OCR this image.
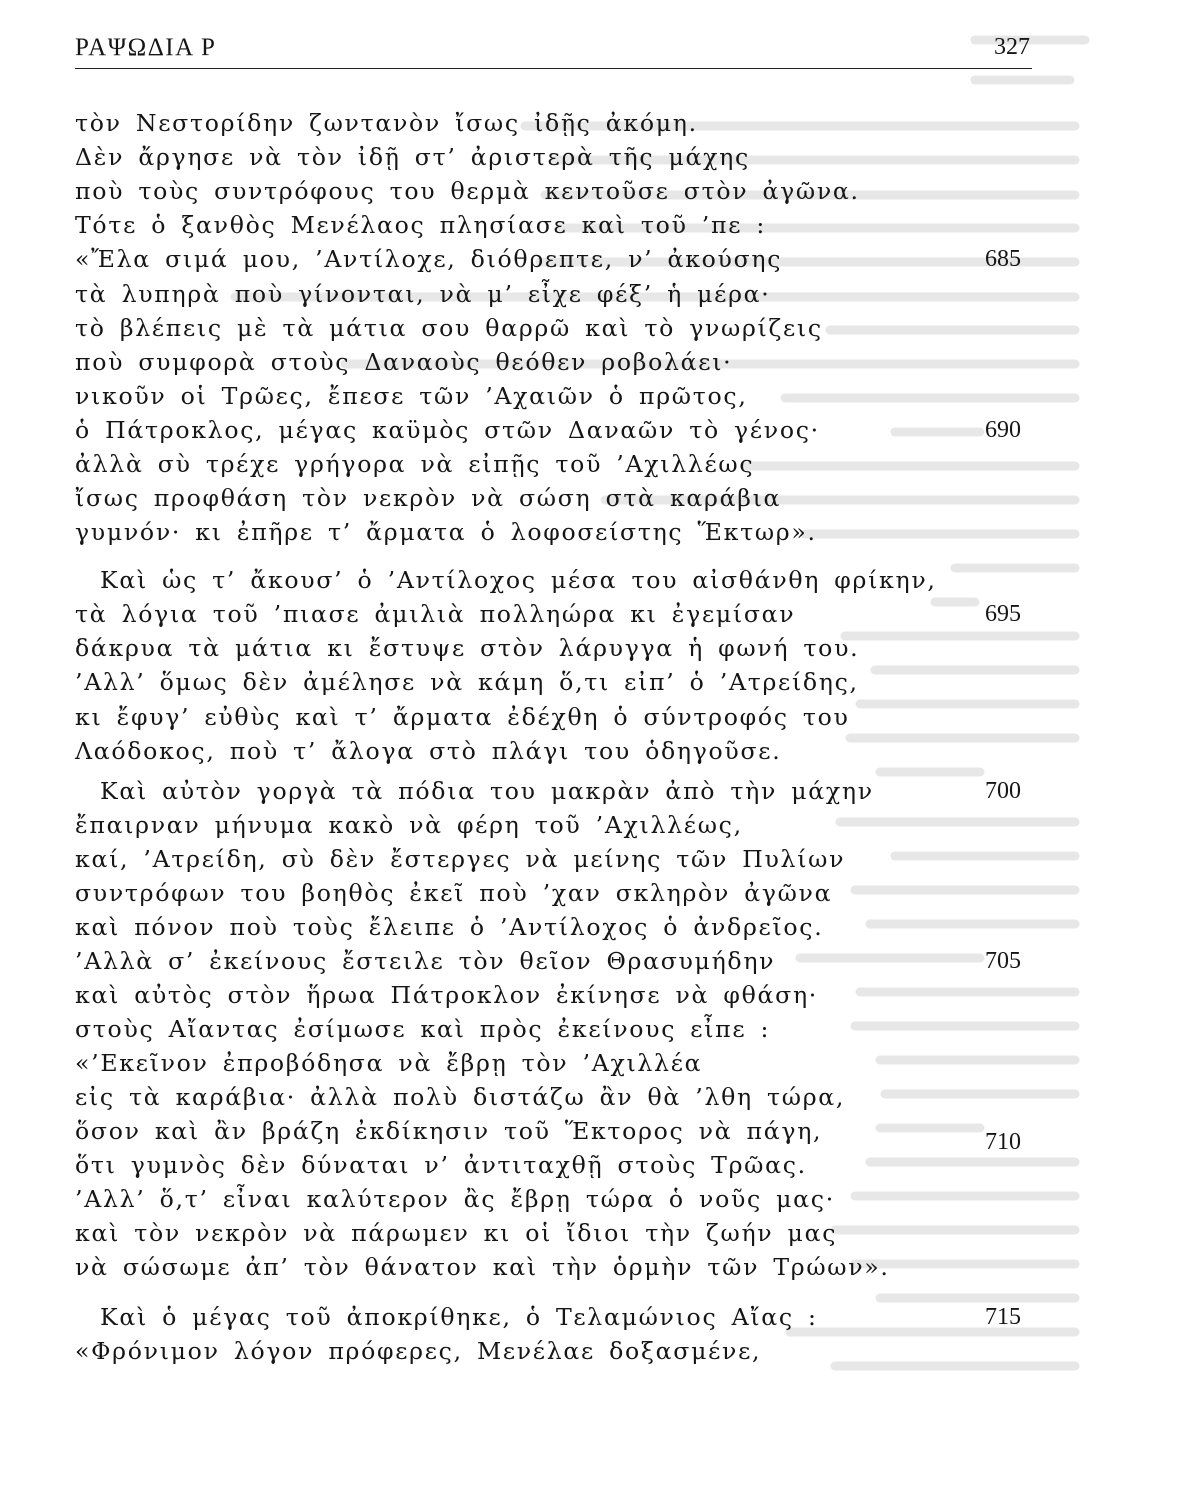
ΡΑΨΩΔΙΑ Ρ	327
τὸν Νεστορίδην ζωντανὸν ἴσως ἰδῇς ἀκόμη.
Δὲν ἄργησε νὰ τὸν ἰδῇ στ’ ἀριστερὰ τῆς μάχης
ποὺ τοὺς συντρόφους του θερμὰ κεντοῦσε στὸν ἀγῶνα.
Τότε ὁ ξανθὸς Μενέλαος πλησίασε καὶ τοῦ ’πε :
«Ἔλα σιμά μου, ’Αντίλοχε, διόθρεπτε, ν’ ἀκούσης
τὰ λυπηρὰ ποὺ γίνονται, νὰ μ’ εἶχε φέξ’ ἡ μέρα·
τὸ βλέπεις μὲ τὰ μάτια σου θαρρῶ καὶ τὸ γνωρίζεις
ποὺ συμφορὰ στοὺς Δαναοὺς θεόθεν ροβολάει·
νικοῦν οἱ Τρῶες, ἔπεσε τῶν ’Αχαιῶν ὁ πρῶτος,
ὁ Πάτροκλος, μέγας καϋμὸς στῶν Δαναῶν τὸ γένος·
ἀλλὰ σὺ τρέχε γρήγορα νὰ εἰπῇς τοῦ ’Αχιλλέως
ἴσως προφθάση τὸν νεκρὸν νὰ σώση στὰ καράβια
γυμνόν· κι ἐπῆρε τ’ ἄρματα ὁ λοφοσείστης Ἕκτωρ».
Καὶ ὡς τ’ ἄκουσ’ ὁ ’Αντίλοχος μέσα του αἰσθάνθη φρίκην,
τὰ λόγια τοῦ ’πιασε ἀμιλιὰ πολληώρα κι ἐγεμίσαν
δάκρυα τὰ μάτια κι ἔστυψε στὸν λάρυγγα ἡ φωνή του.
’Αλλ’ ὅμως δὲν ἀμέλησε νὰ κάμη ὅ,τι εἰπ’ ὁ ’Ατρείδης,
κι ἔφυγ’ εὐθὺς καὶ τ’ ἄρματα ἐδέχθη ὁ σύντροφός του
Λαόδοκος, ποὺ τ’ ἄλογα στὸ πλάγι του ὁδηγοῦσε.
Καὶ αὐτὸν γοργὰ τὰ πόδια του μακρὰν ἀπὸ τὴν μάχην
ἔπαιρναν μήνυμα κακὸ νὰ φέρη τοῦ ’Αχιλλέως,
καί, ’Ατρείδη, σὺ δὲν ἔστεργες νὰ μείνης τῶν Πυλίων
συντρόφων του βοηθὸς ἐκεῖ ποὺ ’χαν σκληρὸν ἀγῶνα
καὶ πόνον ποὺ τοὺς ἔλειπε ὁ ’Αντίλοχος ὁ ἀνδρεῖος.
’Αλλὰ σ’ ἐκείνους ἔστειλε τὸν θεῖον Θρασυμήδην
καὶ αὐτὸς στὸν ἥρωα Πάτροκλον ἐκίνησε νὰ φθάση·
στοὺς Αἴαντας ἐσίμωσε καὶ πρὸς ἐκείνους εἶπε :
«’Εκεῖνον ἐπροβόδησα νὰ ἔβρῃ τὸν ’Αχιλλέα
εἰς τὰ καράβια· ἀλλὰ πολὺ διστάζω ἂν θὰ ’λθη τώρα,
ὅσον καὶ ἂν βράζη ἐκδίκησιν τοῦ Ἕκτορος νὰ πάγη,
ὅτι γυμνὸς δὲν δύναται ν’ ἀντιταχθῇ στοὺς Τρῶας.
’Αλλ’ ὅ,τ’ εἶναι καλύτερον ἂς ἔβρῃ τώρα ὁ νοῦς μας·
καὶ τὸν νεκρὸν νὰ πάρωμεν κι οἱ ἴδιοι τὴν ζωήν μας
νὰ σώσωμε ἀπ’ τὸν θάνατον καὶ τὴν ὁρμὴν τῶν Τρώων».
Καὶ ὁ μέγας τοῦ ἀποκρίθηκε, ὁ Τελαμώνιος Αἴας :
«Φρόνιμον λόγον πρόφερες, Μενέλαε δοξασμένε,
685
690
695
700
705
710
715
